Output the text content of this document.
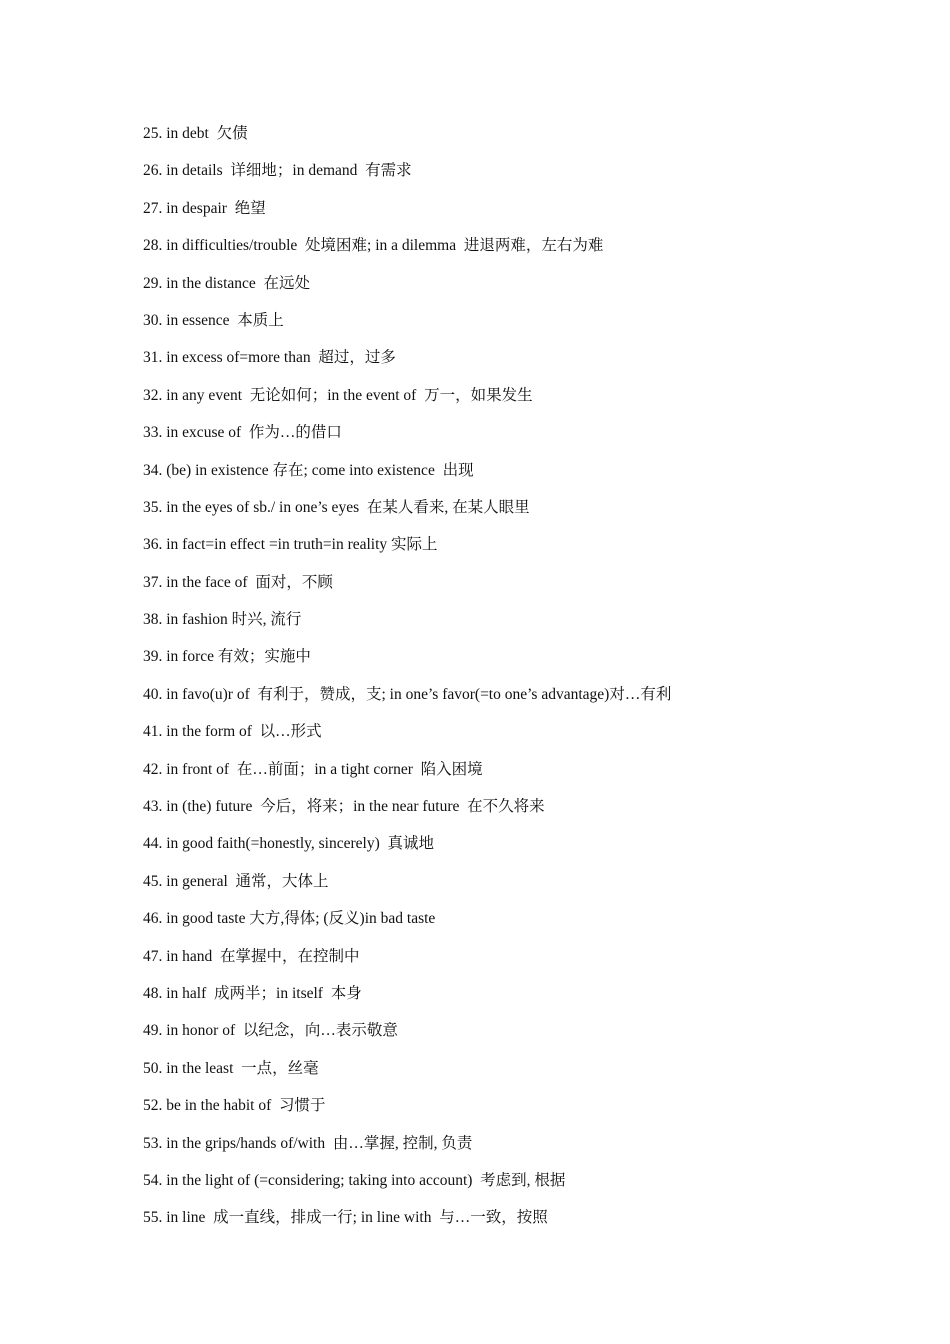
25. in debt  欠债
26. in details  详细地；in demand  有需求
27. in despair  绝望
28. in difficulties/trouble  处境困难; in a dilemma  进退两难，左右为难
29. in the distance  在远处
30. in essence  本质上
31. in excess of=more than  超过，过多
32. in any event  无论如何；in the event of  万一，如果发生
33. in excuse of  作为…的借口
34. (be) in existence 存在; come into existence  出现
35. in the eyes of sb./ in one’s eyes  在某人看来, 在某人眼里
36. in fact=in effect =in truth=in reality 实际上
37. in the face of  面对，不顾
38. in fashion 时兴, 流行
39. in force 有效；实施中
40. in favo(u)r of  有利于，赞成，支; in one’s favor(=to one’s advantage)对…有利
41. in the form of  以…形式
42. in front of  在…前面；in a tight corner  陷入困境
43. in (the) future  今后，将来；in the near future  在不久将来
44. in good faith(=honestly, sincerely)  真诚地
45. in general  通常，大体上
46. in good taste 大方,得体; (反义)in bad taste
47. in hand  在掌握中，在控制中
48. in half  成两半；in itself  本身
49. in honor of  以纪念，向…表示敬意
50. in the least  一点，丝毫
52. be in the habit of  习惯于
53. in the grips/hands of/with  由…掌握, 控制, 负责
54. in the light of (=considering; taking into account)  考虑到, 根据
55. in line  成一直线，排成一行; in line with  与…一致，按照
